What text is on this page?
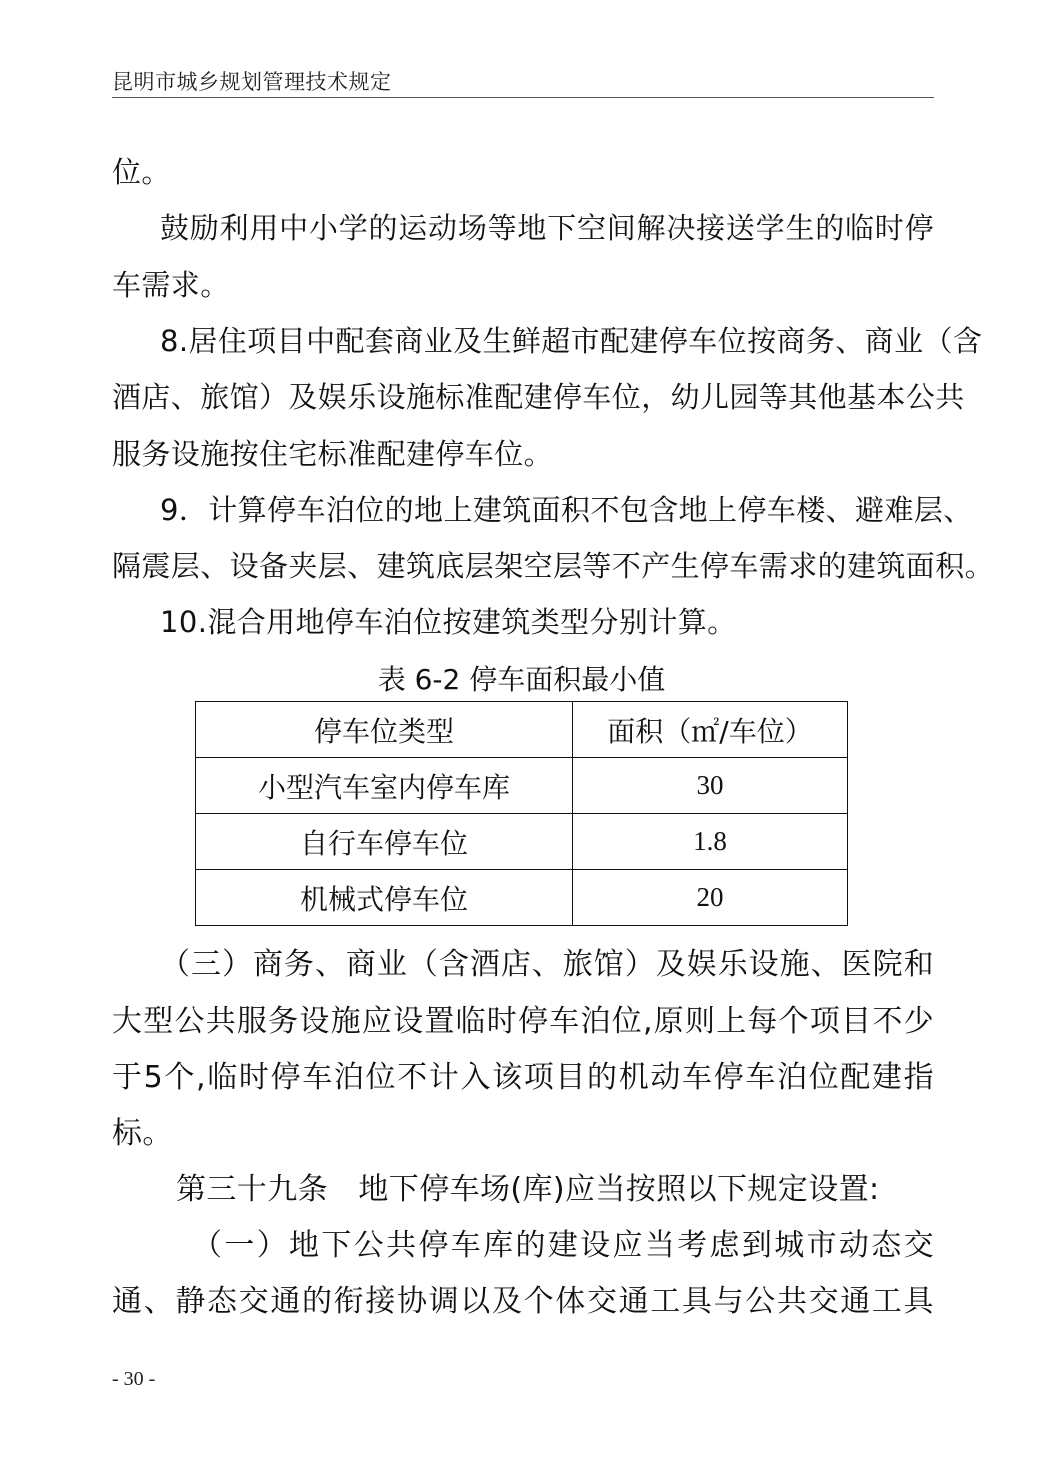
昆明市城乡规划管理技术规定
位。
鼓励利用中小学的运动场等地下空间解决接送学生的临时停
车需求。
8.居住项目中配套商业及生鲜超市配建停车位按商务、商业（含
酒店、旅馆）及娱乐设施标准配建停车位，幼儿园等其他基本公共
服务设施按住宅标准配建停车位。
9．计算停车泊位的地上建筑面积不包含地上停车楼、避难层、
隔震层、设备夹层、建筑底层架空层等不产生停车需求的建筑面积。
10.混合用地停车泊位按建筑类型分别计算。
表 6-2 停车面积最小值
停车位类型	面积（㎡/车位）
小型汽车室内停车库	30
自行车停车位	1.8
机械式停车位	20
（三）商务、商业（含酒店、旅馆）及娱乐设施、医院和
大型公共服务设施应设置临时停车泊位,原则上每个项目不少
于5个,临时停车泊位不计入该项目的机动车停车泊位配建指
标。
第三十九条　地下停车场(库)应当按照以下规定设置:
（一）地下公共停车库的建设应当考虑到城市动态交
通、静态交通的衔接协调以及个体交通工具与公共交通工具
- 30 -
